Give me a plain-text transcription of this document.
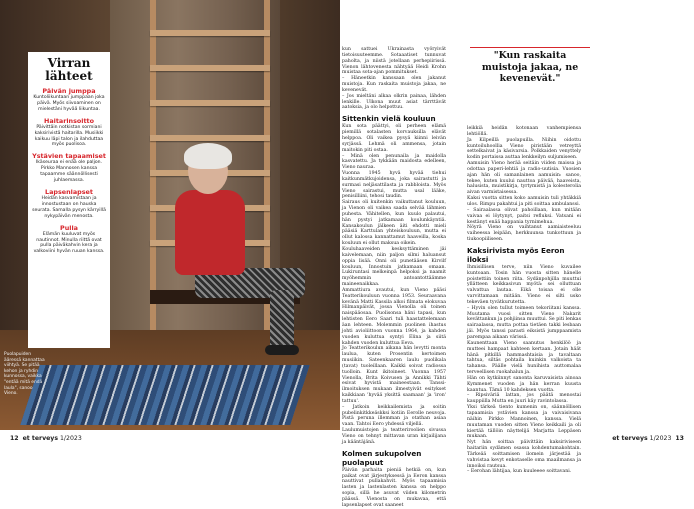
Puolapuiden ääressä kannattaa viihtyä. Se pitää kehon ja ryhdin kunnossa, vaikka "entää mitä endä laula", sanoo Vieno.
Virran lähteet
Päivän jumppa

Kuntoliikuntaan jumppaan joka päivä. Myös siivoaminen on mielestäni hyvää liikuntaa.

Haitarinsoitto

Päivittäin notkistan sormiani kaksirivistä haitarilla. Musiikki kaikuu läpi talon ja ilahduttaa myös puolisoa.

Ystävien tapaamiset

Ikäseuraa ei enää ole paljon. Pirkko Mannosen kanssa tapaamme säännöllisesti juhlaemassa.

Lapsenlapset

Heidän kasvamistaan ja innostustaan on hauska seurata. Samalla pysyn kärryillä nykypäivän menosta.

Pulla

Elämän kuuluvat myös nautinnot. Minulla riittä ovat pulla päiväkahvin kera ja valkoviini hyvän ruuan kanssa.

kun sattuei Ukrainasta vyöryivät tietoisuuteemme. Sotaaatiset tunnuvat paholta, ja niistä jotellaan perhepiirissä. Vienon lähtovenesta nähtyää Heidi Krohn muistaa sota-ajan pommitukset.

– Häneetkin kanssaan olen jakanut muistoja. Kun raskaita muistoja jakaa, ne kevenevät.

– Jos mieltäni alkaa olkrin painaa, lähden lenkille. Ulkona muut asiat tärrttävät aatoksia, ja olo helpottuu.

Sittenkin vielä kouluun

Kun sota päättyi, oli perheen elämä piemillä sotalasten korvauksilla elävät helppoa. Oli vaikea pysyä kiinni leivän syrjässä. Lehmä oli ammensa, jotain maitokin piti ostaa.

– Minä olen penunaila ja maidolla kasvatettu. Ja tykkään maidosta edelleen, Vieno nauraa.

Vuonna 1945 hyvä hyvää tiehui kaitkunmätkujoidensa, joka sairastutti ja surmasi neljäsattilasta ja rabbloista. Myös Vieno sairastui, mutta usal lääke, penisilliini, tehosi taudin.

Sairaus oli kuitenkin vaikuttanut kouluun, ja Vienon oli vaikea saada selvää lähmien puhesta. Vähitellen, kun kuulo palautui, hän pystyi jatkamaan koulunkäyntiä. Kansakoulun jälkeen äiti ehdotti mieli pääsiä Karttulan yhteiskouluun, mutta ei ollut kalossa kannattamut haaveilla, koska kouluun ei ollut maksua oikein.

Kouluhaaveiden kesksyttäminen jäi kaivelemaan, niin paljon silmi haluansut oppia lisää. Onni oli punetääsen Kirvilf kouluun, Innostuin jatkamaan omaan. Lukiruntasi melkeinpä helpoksi ja naamit myöhemmin antoantottäämme maineenaikkaa.

Ammattiura avautui, kun Vieno pääsi Teatterikouluun vuonna 1953. Seuraavana kevänä Matti Kassila alkoi filmata elokuvaa Hilmanpäivät, jossa Vienolla oli toinen naispääosaa. Puolisonsa häni tapasi, kun lehtisten Eero Saari tuli haastattelemaan äan lehteen. Molemmin puolinen ihastus johti avioliittoon vuonna 1964, ja kahden vuoden kuluttua syntyi Elina ja siitä kahden vuoden kuluttua Eeva.

Jo Teatterikoulun aikana hän levytti monta laulua, kuten Prosentin kertoimen musiikin. Sateenkaaren laulu puolikala (tavat) tuoleillaan. Kaikki soivat radiossa tuolloin. Kunt ikitoineet. Vuonna 1957 Vienolla, Brita Koivusen ja Annikki Tähti esivat hyvistä maineestaan. Tanssi-ilmoituksen mukaan ilmestyivät esitykset kaikkiaan 'hyvää yksittä saamaan' ja 'iron' tattuu'.

– Jatkoin keikkailemista ja soitin pubelinkitkkeäskksi kotiin Eerolle neuvoja. Pistä peruna illemman ja otathan asiaa vaan. Tahtoi Eero yhdessä viljellä.

Laulumuistojen ja teatteriroolien sivussa Vieno on tehnyt mittavan uran kirjailijana ja kääntäjänä.

Kolmen sukupolven puolapuut

Päivän parhaita pieniä hetkiä on, kun paikat ovat järjestyksessä ja Eeron kanssa nauttivat pullakahvit. Myös tapaamisia lasten ja lastenlasten kanssa on helppo sopia, sillä he asuvat viiden kilometrin päässä. Vienosta on mukavaa, että lapsenlapset ovat saaneet

"Kun raskaita muistoja jakaa, ne kevenevät."

leikkiä heidän kotonaan vanhempiensa lehtiöllä.

Ja Kilpeillä puolapuilla. Niihin oidottu kuntoiluhoollia Vieno piristään vetreyttä settelkaivat ja käsivarsia. Polkkaiden venyttely kodin portaissa auttaa lenkkeilyn suljumiseen.

Aamuisin Vieno herää seitäin viiden maissa ja odottaa paperi-lehtiä ja radio-uutisia. Vuosien ajan hän oli samanlainen aamuisin: sanoo, tekee, kuten kuului nauttoa päivää, haaveista, halusista, muistikirja, tyrtymistä ja kolesterolia aivan varmistaisessa.

Kaksi vuotta sitten koko aamuisin tuli yhtäkkiä ulos. Rimpu pakahtui ja piti soittaa ambulanssi.

– Sairaalassa olivat pahoillaan, kun mitään vaivaa ei löytynyt, paitsi refluksi. Vatsani ei kestänyt enää happania tyrnimehua.

Nöyrä Vieno on vaihtanut aamiaisteeluu vaiheessa leipään, herkkuunsa tunkottuun ja tiukoopiiliseen.

Kaksirivista myös Eeron iloksi

Ihmisillisen terve, niin Vieno kuvailee kuntoaan. Tosin hän vuosta sitten hänelle poistettiin toinen riita. Sydänpohjilla muuttui yllätteen keikkasivun myötä: sei olluttuan valvattua lautaa. Eikä toisaa ei olle varvittamaan mitään. Vieno ei silti usko tekeväen tyvätkurutetta.

– Hyvin olen tullut toimeen tekoriitani kanssa. Muutama vuosi sitten Vieno Nakarit kevättankun ja pohjiinsa muuttui. Se piti lenkas sairaalassa, mutta pottaa tietäen takki lesbaan jäi. Myös tanssi parasti eiksistä jumppaamista parempaa aikaan värissä.

Kaunenttaan Vieno saanutus henkilöö ja mutteei hampaat kahteen kertaan. Jotain häät hänä pitkillä hammashtaisia ja tavaltaan tahtua, siltäs pohtaila kuinkin valkoista ta tahansa. Päälle vielä hunihista auttomalaa terveellisen ruokahalun ja.

Hän on kytkiinnyt sanonta karuvaisista ainoaa Kymmenet vuoden ja hän kerran kuusta kaantua. Tämä 10 kahdeksen vuotta.

– Ripsiväriä lattan, jos päätä menostai kauppiilla Mutta en juuri käy ravintolassa.

Yksi tärkeä tiento kumenin on, säännöllisen tapaamisia ystävien kanssa ja vaivaisivana näihin Pirkko Mannoinen, kanssa. Vielä muutaman vuoden sitten Vieno keikkaili ja oli kiertää tällöin näyttelijä Marjatta Leppäsen mukaan.

Nyt hän soittaa päivittäin kaksiriviseen haitariin sydämen osassa kohdentumakohtain. Tärkeää soittamisen ilomein järjestää ja vahvistaa kevyt enkotaselle oma maailmansa ja innoiksi rautsua.

– Eerohan lähtijaa, kun kuuleeee soittavani.

12 et terveys 1/2023	et terveys 1/2023 13
